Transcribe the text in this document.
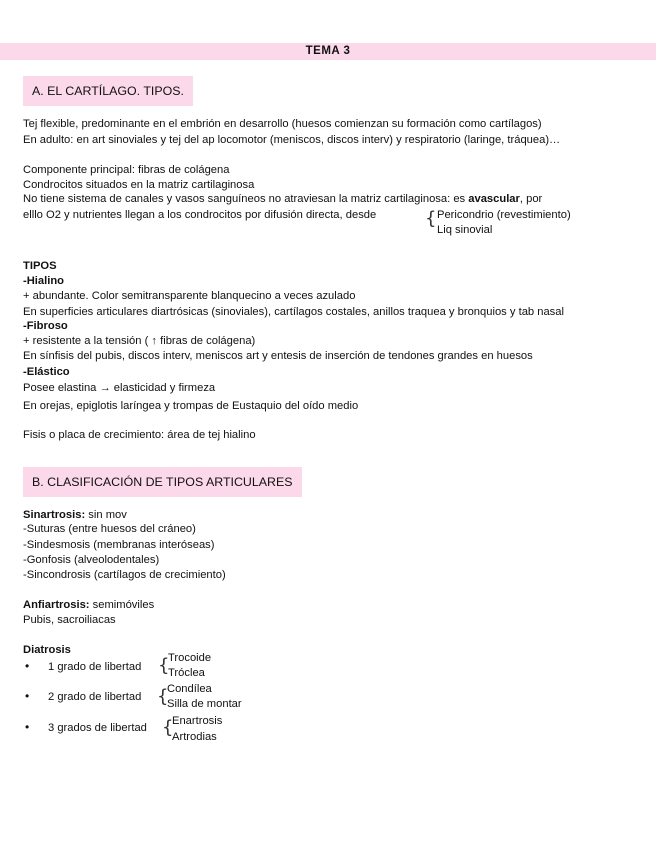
TEMA 3
A. EL CARTÍLAGO. TIPOS.
Tej flexible, predominante en el embrión en desarrollo (huesos comienzan su formación como cartílagos)
En adulto: en art sinoviales y tej del ap locomotor (meniscos, discos interv) y respiratorio (laringe, tráquea)…
Componente principal: fibras de colágena
Condrocitos situados en la matriz cartilaginosa
No tiene sistema de canales y vasos sanguíneos no atraviesan la matriz cartilaginosa: es avascular, por
elllo O2 y nutrientes llegan a los condrocitos por difusión directa, desde	{ Pericondrio (revestimiento)
Liq sinovial
TIPOS
-Hialino
+ abundante. Color semitransparente blanquecino a veces azulado
En superficies articulares diartrósicas (sinoviales), cartílagos costales, anillos traquea y bronquios y tab nasal
-Fibroso
+ resistente a la tensión ( ↑ fibras de colágena)
En sínfisis del pubis, discos interv, meniscos art y entesis de inserción de tendones grandes en huesos
-Elástico
Posee elastina → elasticidad y firmeza
En orejas, epiglotis laríngea y trompas de Eustaquio del oído medio
Fisis o placa de crecimiento: área de tej hialino
B. CLASIFICACIÓN DE TIPOS ARTICULARES
Sinartrosis: sin mov
-Suturas (entre huesos del cráneo)
-Sindesmosis (membranas interóseas)
-Gonfosis (alveolodentales)
-Sincondrosis (cartílagos de crecimiento)
Anfiartrosis: semimóviles
Pubis, sacroiliacas
Diatrosis
• 1 grado de libertad {
Trocoide
Tróclea
• 2 grado de libertad {
Condílea
Silla de montar
• 3 grados de libertad {
Enartrosis
Artrodias
